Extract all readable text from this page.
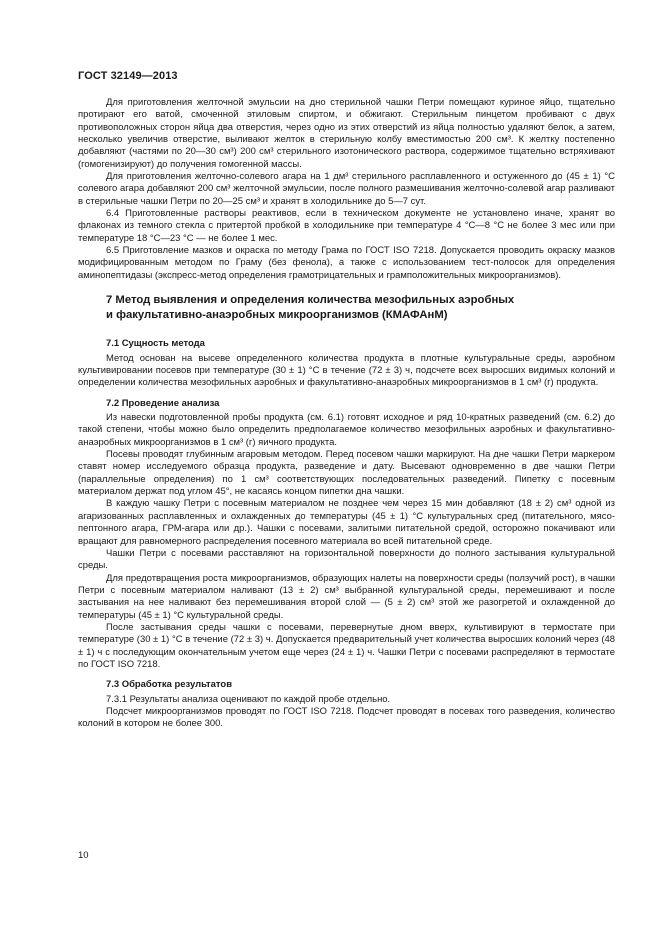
ГОСТ 32149—2013

Для приготовления желточной эмульсии на дно стерильной чашки Петри помещают куриное яйцо, тщательно протирают его ватой, смоченной этиловым спиртом, и обжигают. Стерильным пинцетом пробивают с двух противоположных сторон яйца два отверстия, через одно из этих отверстий из яйца полностью удаляют белок, а затем, несколько увеличив отверстие, выливают желток в стерильную колбу вместимостью 200 см³. К желтку постепенно добавляют (частями по 20—30 см³) 200 см³ стерильного изотонического раствора, содержимое тщательно встряхивают (гомогенизируют) до получения гомогенной массы.

Для приготовления желточно-солевого агара на 1 дм³ стерильного расплавленного и остуженного до (45 ± 1) °С солевого агара добавляют 200 см³ желточной эмульсии, после полного размешивания желточно-солевой агар разливают в стерильные чашки Петри по 20—25 см³ и хранят в холодильнике до 5—7 сут.

6.4 Приготовленные растворы реактивов, если в техническом документе не установлено иначе, хранят во флаконах из темного стекла с притертой пробкой в холодильнике при температуре 4 °С—8 °С не более 3 мес или при температуре 18 °С—23 °С — не более 1 мес.

6.5 Приготовление мазков и окраска по методу Грама по ГОСТ ISO 7218. Допускается проводить окраску мазков модифицированным методом по Граму (без фенола), а также с использованием тест-полосок для определения аминопептидазы (экспресс-метод определения грамотрицательных и грамположительных микроорганизмов).

7 Метод выявления и определения количества мезофильных аэробных
и факультативно-анаэробных микроорганизмов (КМАФАнМ)

7.1 Сущность метода

Метод основан на высеве определенного количества продукта в плотные культуральные среды, аэробном культивировании посевов при температуре (30 ± 1) °С в течение (72 ± 3) ч, подсчете всех выросших видимых колоний и определении количества мезофильных аэробных и факультативно-анаэробных микроорганизмов в 1 см³ (г) продукта.

7.2 Проведение анализа

Из навески подготовленной пробы продукта (см. 6.1) готовят исходное и ряд 10-кратных разведений (см. 6.2) до такой степени, чтобы можно было определить предполагаемое количество мезофильных аэробных и факультативно-анаэробных микроорганизмов в 1 см³ (г) яичного продукта.

Посевы проводят глубинным агаровым методом. Перед посевом чашки маркируют. На дне чашки Петри маркером ставят номер исследуемого образца продукта, разведение и дату. Высевают одновременно в две чашки Петри (параллельные определения) по 1 см³ соответствующих последовательных разведений. Пипетку с посевным материалом держат под углом 45°, не касаясь концом пипетки дна чашки.

В каждую чашку Петри с посевным материалом не позднее чем через 15 мин добавляют (18 ± 2) см³ одной из агаризованных расплавленных и охлажденных до температуры (45 ± 1) °С культуральных сред (питательного, мясо-пептонного агара, ГРМ-агара или др.). Чашки с посевами, залитыми питательной средой, осторожно покачивают или вращают для равномерного распределения посевного материала во всей питательной среде.

Чашки Петри с посевами расставляют на горизонтальной поверхности до полного застывания культуральной среды.

Для предотвращения роста микроорганизмов, образующих налеты на поверхности среды (ползучий рост), в чашки Петри с посевным материалом наливают (13 ± 2) см³ выбранной культуральной среды, перемешивают и после застывания на нее наливают без перемешивания второй слой — (5 ± 2) см³ этой же разогретой и охлажденной до температуры (45 ± 1) °С культуральной среды.

После застывания среды чашки с посевами, перевернутые дном вверх, культивируют в термостате при температуре (30 ± 1) °С в течение (72 ± 3) ч. Допускается предварительный учет количества выросших колоний через (48 ± 1) ч с последующим окончательным учетом еще через (24 ± 1) ч. Чашки Петри с посевами распределяют в термостате по ГОСТ ISO 7218.

7.3 Обработка результатов

7.3.1 Результаты анализа оценивают по каждой пробе отдельно.

Подсчет микроорганизмов проводят по ГОСТ ISO 7218. Подсчет проводят в посевах того разведения, количество колоний в котором не более 300.

10
